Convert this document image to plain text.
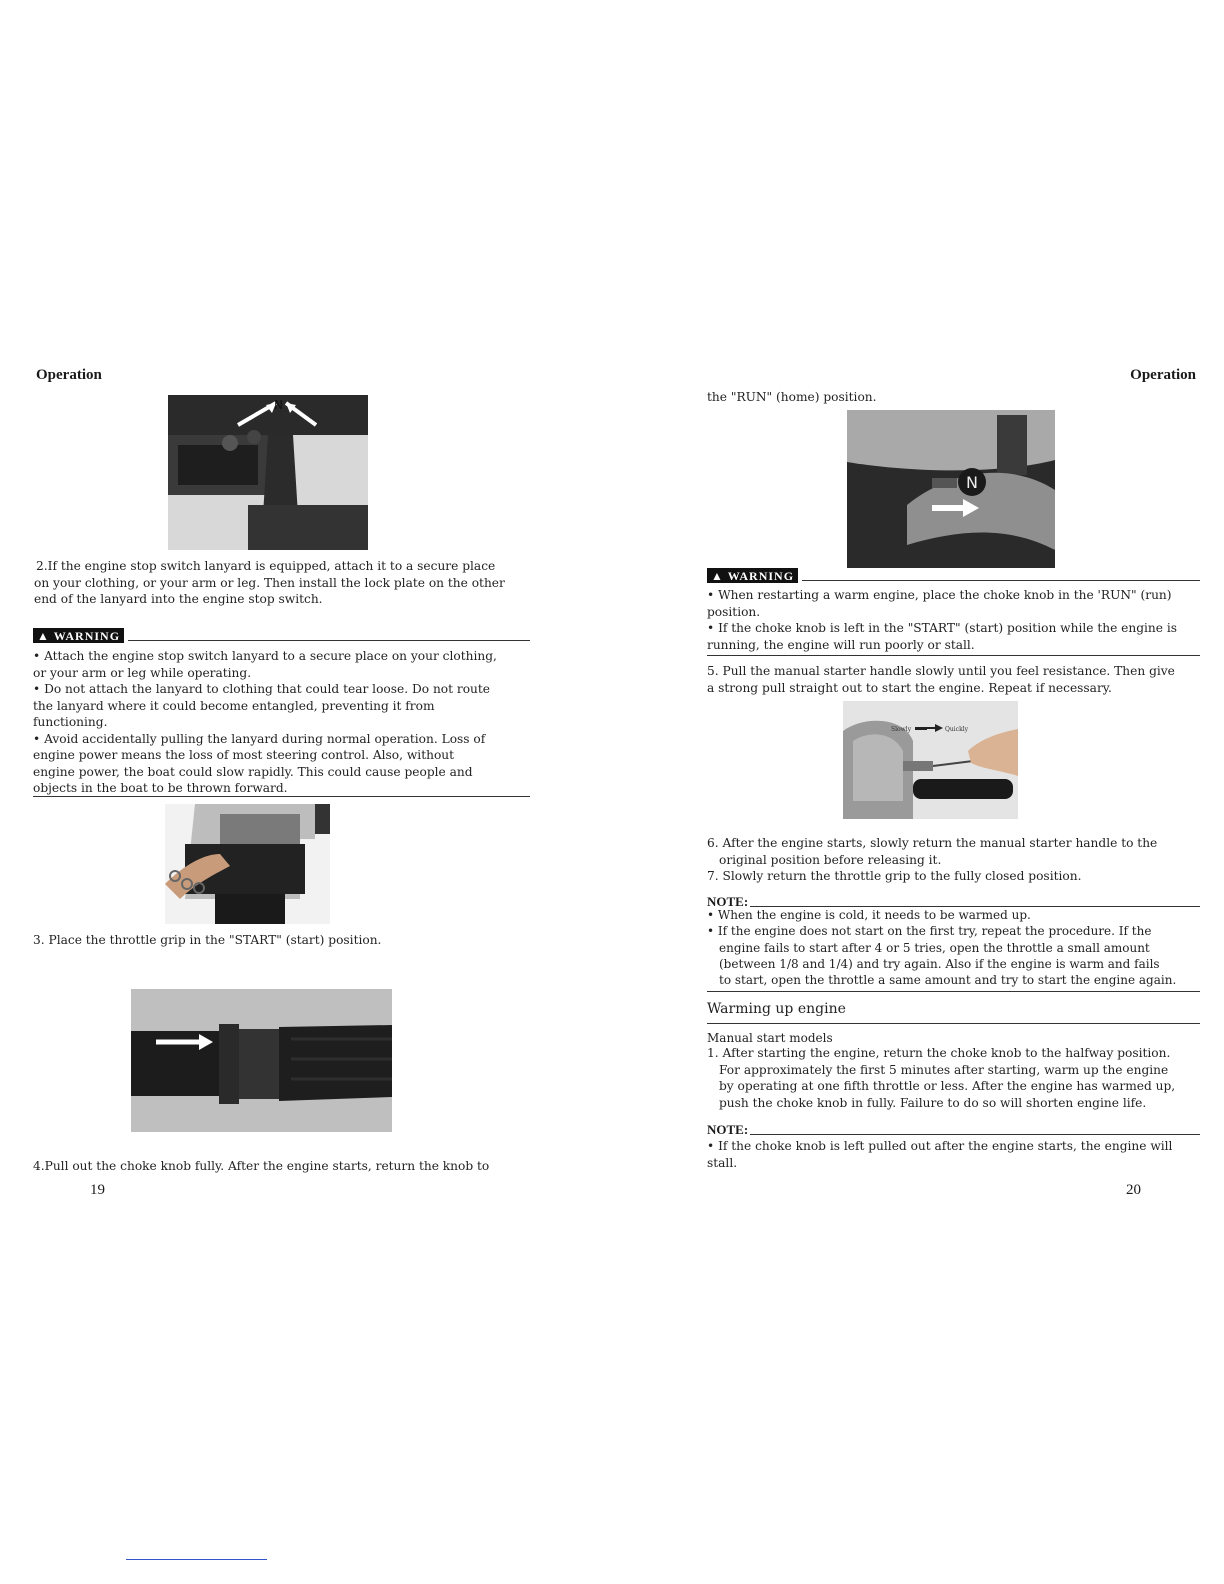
Operation
N

2.If the engine stop switch lanyard is equipped, attach it to a secure place

on your clothing, or your arm or leg. Then install the lock plate on the other

end of the lanyard into the engine stop switch.

▲ WARNING

• Attach the engine stop switch lanyard to a secure place on your clothing,

or your arm or leg while operating.

• Do not attach the lanyard to clothing that could tear loose. Do not route

the lanyard where it could become entangled, preventing it from

functioning.

• Avoid accidentally pulling the lanyard during normal operation. Loss of

engine power means the loss of most steering control. Also, without

engine power, the boat could slow rapidly. This could cause people and

objects in the boat to be thrown forward.

3. Place the throttle grip in the "START" (start) position.
4.Pull out the choke knob fully. After the engine starts, return the knob to
19
Operation
the "RUN" (home) position.
N
▲ WARNING

• When restarting a warm engine, place the choke knob in the 'RUN" (run)

position.

• If the choke knob is left in the "START" (start) position while the engine is

running, the engine will run poorly or stall.

5. Pull the manual starter handle slowly until you feel resistance. Then give

a strong pull straight out to start the engine. Repeat if necessary.

Slowly	Quickly

6. After the engine starts, slowly return the manual starter handle to the

original position before releasing it.

7. Slowly return the throttle grip to the fully closed position.

NOTE:

• When the engine is cold, it needs to be warmed up.

• If the engine does not start on the first try, repeat the procedure. If the

engine fails to start after 4 or 5 tries, open the throttle a small amount

(between 1/8 and 1/4) and try again. Also if the engine is warm and fails

to start, open the throttle a same amount and try to start the engine again.

Warming up engine
Manual start models

1. After starting the engine, return the choke knob to the halfway position.

For approximately the first 5 minutes after starting, warm up the engine

by operating at one fifth throttle or less. After the engine has warmed up,

push the choke knob in fully. Failure to do so will shorten engine life.

NOTE:

• If the choke knob is left pulled out after the engine starts, the engine will

stall.

20
